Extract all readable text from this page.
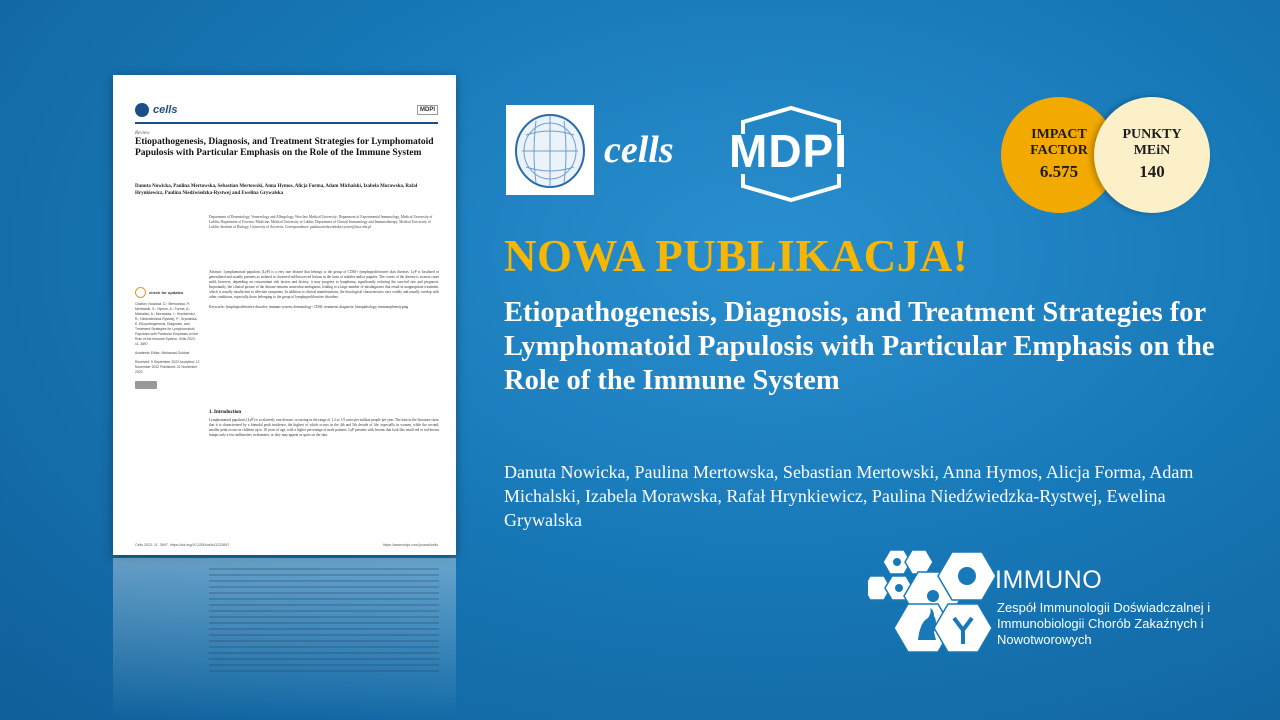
cells	MDPI
Review
Etiopathogenesis, Diagnosis, and Treatment Strategies for Lymphomatoid Papulosis with Particular Emphasis on the Role of the Immune System
Danuta Nowicka, Paulina Mertowska, Sebastian Mertowski, Anna Hymos, Alicja Forma, Adam Michalski, Izabela Morawska, Rafał Hrynkiewicz, Paulina Niedźwiedzka-Rystwej and Ewelina Grywalska
Department of Dermatology, Venereology and Allergology, Wroclaw Medical University; Department of Experimental Immunology, Medical University of Lublin; Department of Forensic Medicine, Medical University of Lublin; Department of Clinical Immunology and Immunotherapy, Medical University of Lublin; Institute of Biology, University of Szczecin; Correspondence: paulina.niedzwiedzka-rystwej@usz.edu.pl
check for updates
Citation: Nowicka, D.; Mertowska, P.; Mertowski, S.; Hymos, A.; Forma, A.; Michalski, A.; Morawska, I.; Hrynkiewicz, R.; Niedźwiedzka-Rystwej, P.; Grywalska, E. Etiopathogenesis, Diagnosis, and Treatment Strategies for Lymphomatoid Papulosis with Particular Emphasis on the Role of the Immune System. Cells 2022, 11, 3697.
Academic Editor: Mohamad Goldust
Received: 5 September 2022 Accepted: 12 November 2022 Published: 21 November 2022
Abstract: Lymphomatoid papulosis (LyP) is a very rare disease that belongs to the group of CD30+ lymphoproliferative skin diseases. LyP is localized or generalized and usually presents as isolated or clustered red/brown-red lesions in the form of nodules and/or papules. The course of the disease is in most cases mild; however, depending on concomitant risk factors and history, it may progress to lymphoma, significantly reducing the survival rate and prognosis. Importantly, the clinical picture of the disease remains somewhat ambiguous, leading to a large number of misdiagnoses that result in inappropriate treatment, which is usually insufficient to alleviate symptoms. In addition to clinical manifestations, the histological characteristics vary widely and usually overlap with other conditions, especially those belonging to the group of lymphoproliferative disorders.
Keywords: lymphoproliferative disorder; immune system; dermatology; CD30; treatment; diagnosis; histopathology; immunophenotyping
1. Introduction
Lymphomatoid papulosis (LyP) is a relatively rare disease, occurring in the range of 1.2 to 1.9 cases per million people per year. The data in the literature show that it is characterized by a bimodal peak incidence, the highest of which occurs in the 4th and 5th decade of life, especially in women, while the second, smaller peak occurs in children up to 18 years of age, with a higher percentage of male patients. LyP presents with lesions that look like small red or red-brown bumps only a few millimeters in diameter, or they may appear as spots on the skin.
Cells 2022, 11, 3697. https://doi.org/10.3390/cells11223697	https://www.mdpi.com/journal/cells
cells MDPI	IMPACT FACTOR
6.575
PUNKTY MEiN
140
NOWA PUBLIKACJA!
Etiopathogenesis, Diagnosis, and Treatment Strategies for Lymphomatoid Papulosis with Particular Emphasis on the Role of the Immune System
Danuta Nowicka, Paulina Mertowska, Sebastian Mertowski, Anna Hymos, Alicja Forma, Adam Michalski, Izabela Morawska, Rafał Hrynkiewicz, Paulina Niedźwiedzka-Rystwej, Ewelina Grywalska
IMMUNO
Zespół Immunologii Doświadczalnej i Immunobiologii Chorób Zakaźnych i Nowotworowych
